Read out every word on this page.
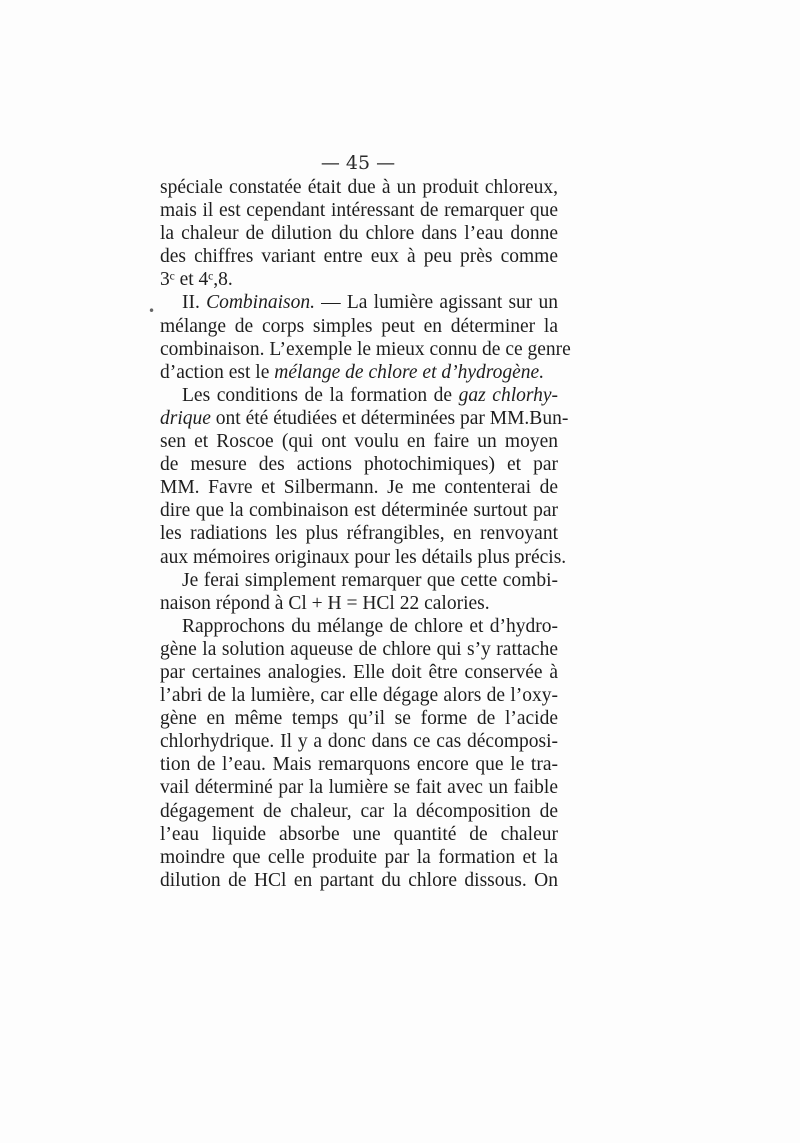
— 45 —
•
spéciale constatée était due à un produit chloreux,
mais il est cependant intéressant de remarquer que
la chaleur de dilution du chlore dans l’eau donne
des chiffres variant entre eux à peu près comme
3ᶜ et 4ᶜ,8.
II. Combinaison. — La lumière agissant sur un
mélange de corps simples peut en déterminer la
combinaison. L’exemple le mieux connu de ce genre
d’action est le mélange de chlore et d’hydrogène.
Les conditions de la formation de gaz chlorhy-
drique ont été étudiées et déterminées par MM.Bun-
sen et Roscoe (qui ont voulu en faire un moyen
de mesure des actions photochimiques) et par
MM. Favre et Silbermann. Je me contenterai de
dire que la combinaison est déterminée surtout par
les radiations les plus réfrangibles, en renvoyant
aux mémoires originaux pour les détails plus précis.
Je ferai simplement remarquer que cette combi-
naison répond à Cl + H = HCl 22 calories.
Rapprochons du mélange de chlore et d’hydro-
gène la solution aqueuse de chlore qui s’y rattache
par certaines analogies. Elle doit être conservée à
l’abri de la lumière, car elle dégage alors de l’oxy-
gène en même temps qu’il se forme de l’acide
chlorhydrique. Il y a donc dans ce cas décomposi-
tion de l’eau. Mais remarquons encore que le tra-
vail déterminé par la lumière se fait avec un faible
dégagement de chaleur, car la décomposition de
l’eau liquide absorbe une quantité de chaleur
moindre que celle produite par la formation et la
dilution de HCl en partant du chlore dissous. On
